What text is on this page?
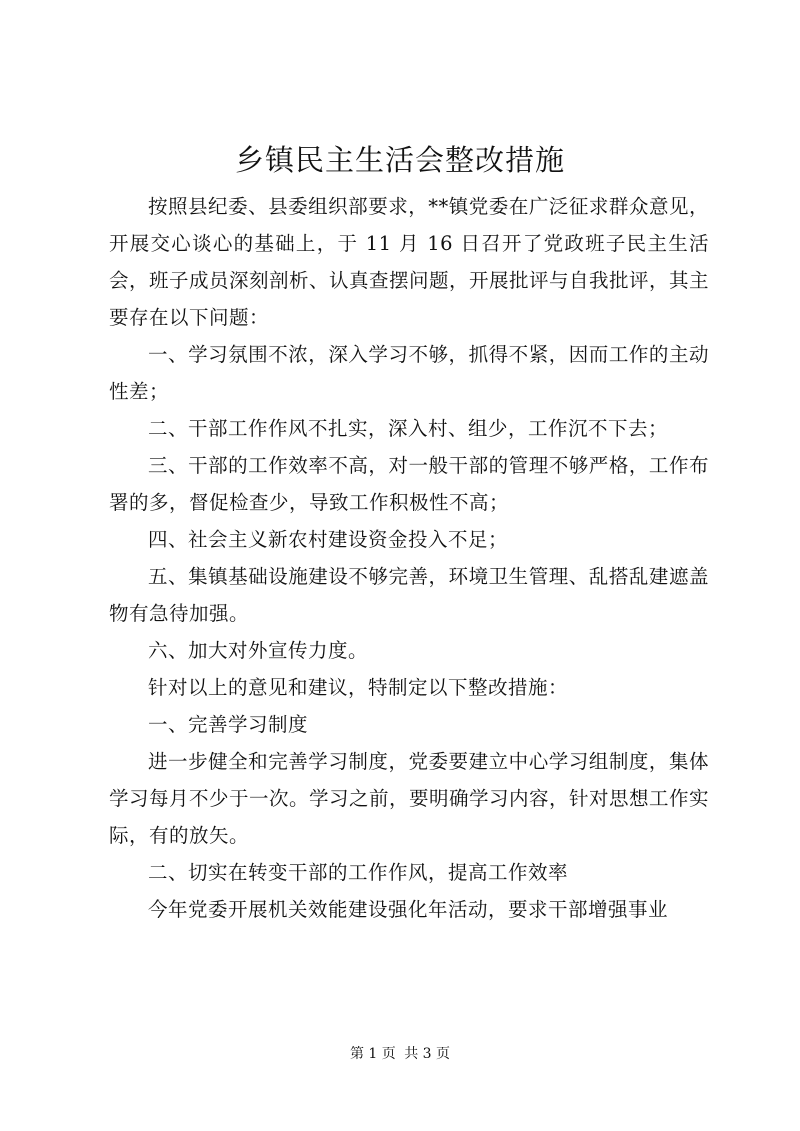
乡镇民主生活会整改措施

按照县纪委、县委组织部要求，**镇党委在广泛征求群众意见，开展交心谈心的基础上，于 11 月 16 日召开了党政班子民主生活会，班子成员深刻剖析、认真查摆问题，开展批评与自我批评，其主要存在以下问题：

一、学习氛围不浓，深入学习不够，抓得不紧，因而工作的主动性差；

二、干部工作作风不扎实，深入村、组少，工作沉不下去；

三、干部的工作效率不高，对一般干部的管理不够严格，工作布署的多，督促检查少，导致工作积极性不高；

四、社会主义新农村建设资金投入不足；

五、集镇基础设施建设不够完善，环境卫生管理、乱搭乱建遮盖物有急待加强。

六、加大对外宣传力度。

针对以上的意见和建议，特制定以下整改措施：

一、完善学习制度

进一步健全和完善学习制度，党委要建立中心学习组制度，集体学习每月不少于一次。学习之前，要明确学习内容，针对思想工作实际，有的放矢。

二、切实在转变干部的工作作风，提高工作效率

今年党委开展机关效能建设强化年活动，要求干部增强事业

第 1 页 共 3 页
